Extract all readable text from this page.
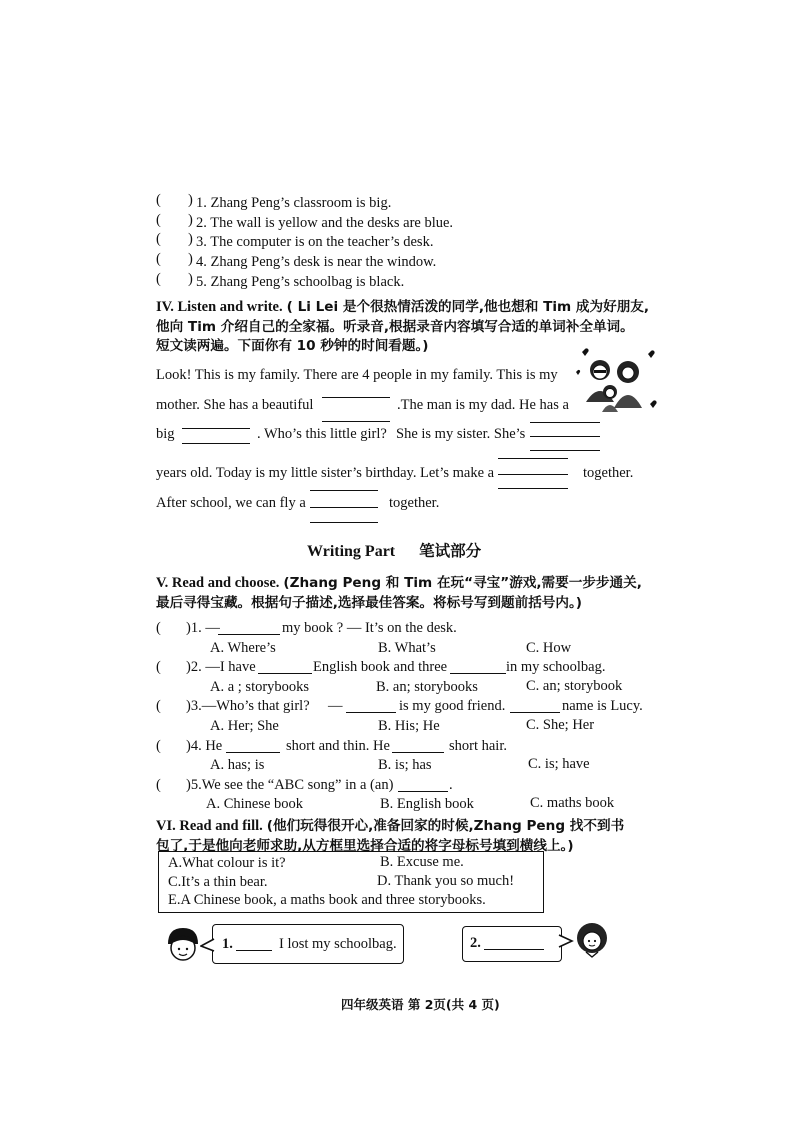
( ) 1. Zhang Peng’s classroom is big.
( ) 2. The wall is yellow and the desks are blue.
( ) 3. The computer is on the teacher’s desk.
( ) 4. Zhang Peng’s desk is near the window.
( ) 5. Zhang Peng’s schoolbag is black.
IV. Listen and write. ( Li Lei 是个很热情活泼的同学,他也想和 Tim 成为好朋友,
他向 Tim 介绍自己的全家福。听录音,根据录音内容填写合适的单词补全单词。
短文读两遍。下面你有 10 秒钟的时间看题。)
Look! This is my family. There are 4 people in my family. This is my
mother. She has a beautiful	.The man is my dad. He has a
big	. Who’s this little girl? She is my sister. She’s
years old. Today is my little sister’s birthday. Let’s make a	together.
After school, we can fly a	together.
Writing Part 笔试部分
V. Read and choose. (Zhang Peng 和 Tim 在玩“寻宝”游戏,需要一步步通关,
最后寻得宝藏。根据句子描述,选择最佳答案。将标号写到题前括号内。)
( )1. —	my book ? — It’s on the desk.
A. Where’s	B. What’s	C. How
( )2. —I have	English book and three	in my schoolbag.
A. a ; storybooks	B. an; storybooks	C. an; storybook
( )3.—Who’s that girl? —	is my good friend.	name is Lucy.
A. Her; She	B. His; He	C. She; Her
( )4. He	short and thin. He	short hair.
A. has; is	B. is; has	C. is; have
( )5.We see the “ABC song” in a (an)	.
A. Chinese book	B. English book	C. maths book
VI. Read and fill. (他们玩得很开心,准备回家的时候,Zhang Peng 找不到书
包了,于是他向老师求助,从方框里选择合适的将字母标号填到横线上。)
A.What colour is it?	B. Excuse me.
C.It’s a thin bear.	D. Thank you so much!
E.A Chinese book, a maths book and three storybooks.
1.	I lost my schoolbag.	2.
四年级英语 第 2页(共 4 页)
